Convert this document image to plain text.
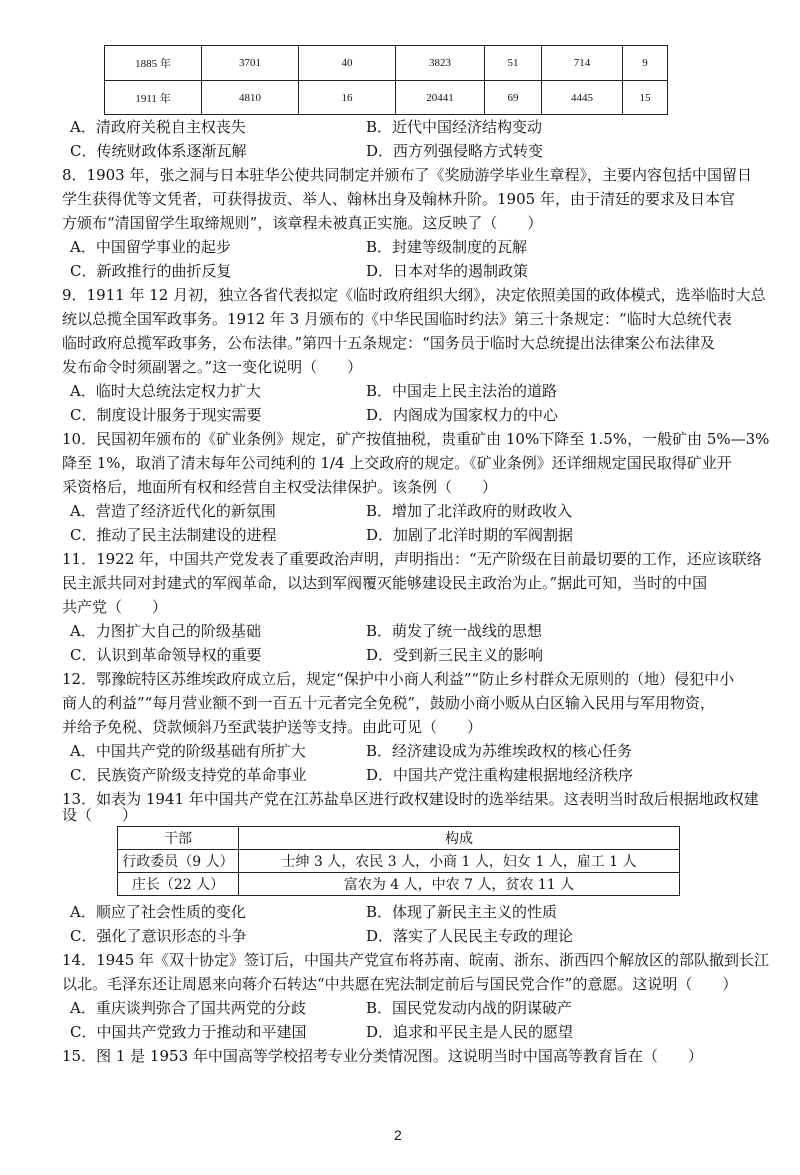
1885 年	3701	40	3823	51	714	9
1911 年	4810	16	20441	69	4445	15
A．清政府关税自主权丧失	B．近代中国经济结构变动
C．传统财政体系逐渐瓦解	D．西方列强侵略方式转变
8．1903 年，张之洞与日本驻华公使共同制定并颁布了《奖励游学毕业生章程》，主要内容包括中国留日
学生获得优等文凭者，可获得拔贡、举人、翰林出身及翰林升阶。1905 年，由于清廷的要求及日本官
方颁布“清国留学生取缔规则”，该章程未被真正实施。这反映了（　　）
A．中国留学事业的起步	B．封建等级制度的瓦解
C．新政推行的曲折反复	D．日本对华的遏制政策
9．1911 年 12 月初，独立各省代表拟定《临时政府组织大纲》，决定依照美国的政体模式，选举临时大总
统以总揽全国军政事务。1912 年 3 月颁布的《中华民国临时约法》第三十条规定：“临时大总统代表
临时政府总揽军政事务，公布法律。”第四十五条规定：“国务员于临时大总统提出法律案公布法律及
发布命令时须副署之。”这一变化说明（　　）
A．临时大总统法定权力扩大	B．中国走上民主法治的道路
C．制度设计服务于现实需要	D．内阁成为国家权力的中心
10．民国初年颁布的《矿业条例》规定，矿产按值抽税，贵重矿由 10%下降至 1.5%，一般矿由 5%—3%
降至 1%，取消了清末每年公司纯利的 1/4 上交政府的规定。《矿业条例》还详细规定国民取得矿业开
采资格后，地面所有权和经营自主权受法律保护。该条例（　　）
A．营造了经济近代化的新氛围	B．增加了北洋政府的财政收入
C．推动了民主法制建设的进程	D．加剧了北洋时期的军阀割据
11．1922 年，中国共产党发表了重要政治声明，声明指出：“无产阶级在目前最切要的工作，还应该联络
民主派共同对封建式的军阀革命，以达到军阀覆灭能够建设民主政治为止。”据此可知，当时的中国
共产党（　　）
A．力图扩大自己的阶级基础	B．萌发了统一战线的思想
C．认识到革命领导权的重要	D．受到新三民主义的影响
12．鄂豫皖特区苏维埃政府成立后，规定“保护中小商人利益”“防止乡村群众无原则的（地）侵犯中小
商人的利益”“每月营业额不到一百五十元者完全免税”，鼓励小商小贩从白区输入民用与军用物资，
并给予免税、贷款倾斜乃至武装护送等支持。由此可见（　　）
A．中国共产党的阶级基础有所扩大	B．经济建设成为苏维埃政权的核心任务
C．民族资产阶级支持党的革命事业	D．中国共产党注重构建根据地经济秩序
13．如表为 1941 年中国共产党在江苏盐阜区进行政权建设时的选举结果。这表明当时敌后根据地政权建
设（　　）
干部	构成
行政委员（9 人）	士绅 3 人，农民 3 人，小商 1 人，妇女 1 人，雇工 1 人
庄长（22 人）	富农为 4 人，中农 7 人，贫农 11 人
A．顺应了社会性质的变化	B．体现了新民主主义的性质
C．强化了意识形态的斗争	D．落实了人民民主专政的理论
14．1945 年《双十协定》签订后，中国共产党宣布将苏南、皖南、浙东、浙西四个解放区的部队撤到长江
以北。毛泽东还让周恩来向蒋介石转达“中共愿在宪法制定前后与国民党合作”的意愿。这说明（　　）
A．重庆谈判弥合了国共两党的分歧	B．国民党发动内战的阴谋破产
C．中国共产党致力于推动和平建国	D．追求和平民主是人民的愿望
15．图 1 是 1953 年中国高等学校招考专业分类情况图。这说明当时中国高等教育旨在（　　）
2
